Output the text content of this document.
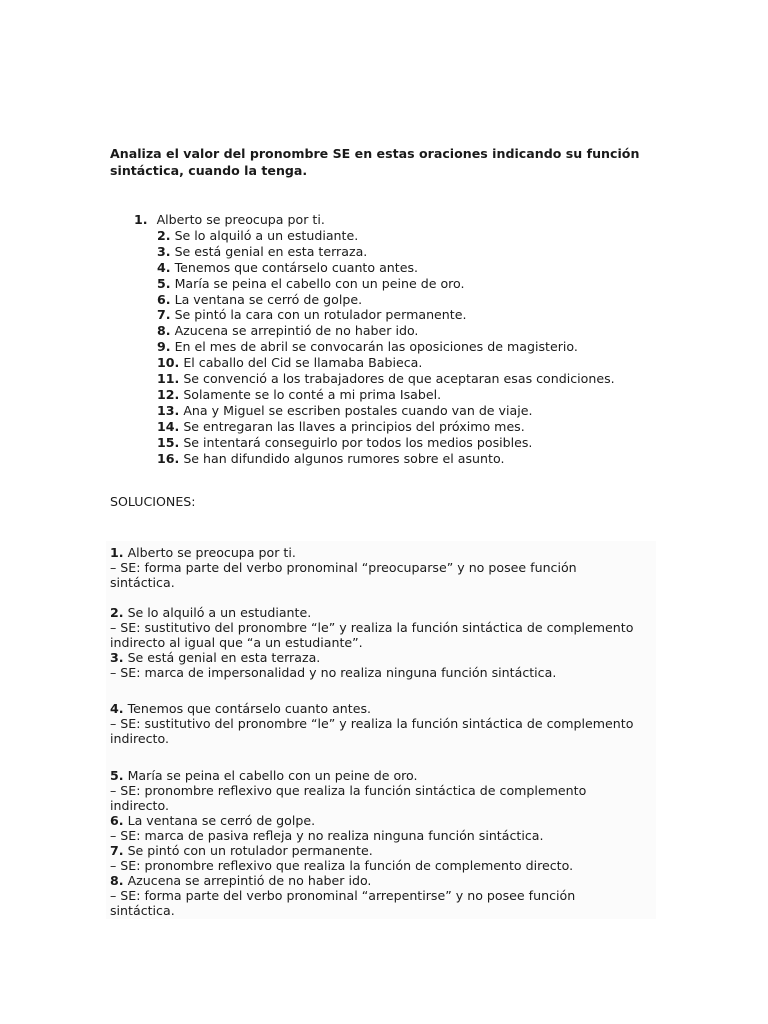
Analiza el valor del pronombre SE en estas oraciones indicando su función sintáctica, cuando la tenga.
1. Alberto se preocupa por ti.
2. Se lo alquiló a un estudiante.
3. Se está genial en esta terraza.
4. Tenemos que contárselo cuanto antes.
5. María se peina el cabello con un peine de oro.
6. La ventana se cerró de golpe.
7. Se pintó la cara con un rotulador permanente.
8. Azucena se arrepintió de no haber ido.
9. En el mes de abril se convocarán las oposiciones de magisterio.
10. El caballo del Cid se llamaba Babieca.
11. Se convenció a los trabajadores de que aceptaran esas condiciones.
12. Solamente se lo conté a mi prima Isabel.
13. Ana y Miguel se escriben postales cuando van de viaje.
14. Se entregaran las llaves a principios del próximo mes.
15. Se intentará conseguirlo por todos los medios posibles.
16. Se han difundido algunos rumores sobre el asunto.
SOLUCIONES:
1. Alberto se preocupa por ti.
– SE: forma parte del verbo pronominal “preocuparse” y no posee función
sintáctica.
2. Se lo alquiló a un estudiante.
– SE: sustitutivo del pronombre “le” y realiza la función sintáctica de complemento
indirecto al igual que “a un estudiante”.
3. Se está genial en esta terraza.
– SE: marca de impersonalidad y no realiza ninguna función sintáctica.
4. Tenemos que contárselo cuanto antes.
– SE: sustitutivo del pronombre “le” y realiza la función sintáctica de complemento
indirecto.
5. María se peina el cabello con un peine de oro.
– SE: pronombre reflexivo que realiza la función sintáctica de complemento
indirecto.
6. La ventana se cerró de golpe.
– SE: marca de pasiva refleja y no realiza ninguna función sintáctica.
7. Se pintó con un rotulador permanente.
– SE: pronombre reflexivo que realiza la función de complemento directo.
8. Azucena se arrepintió de no haber ido.
– SE: forma parte del verbo pronominal “arrepentirse” y no posee función
sintáctica.
